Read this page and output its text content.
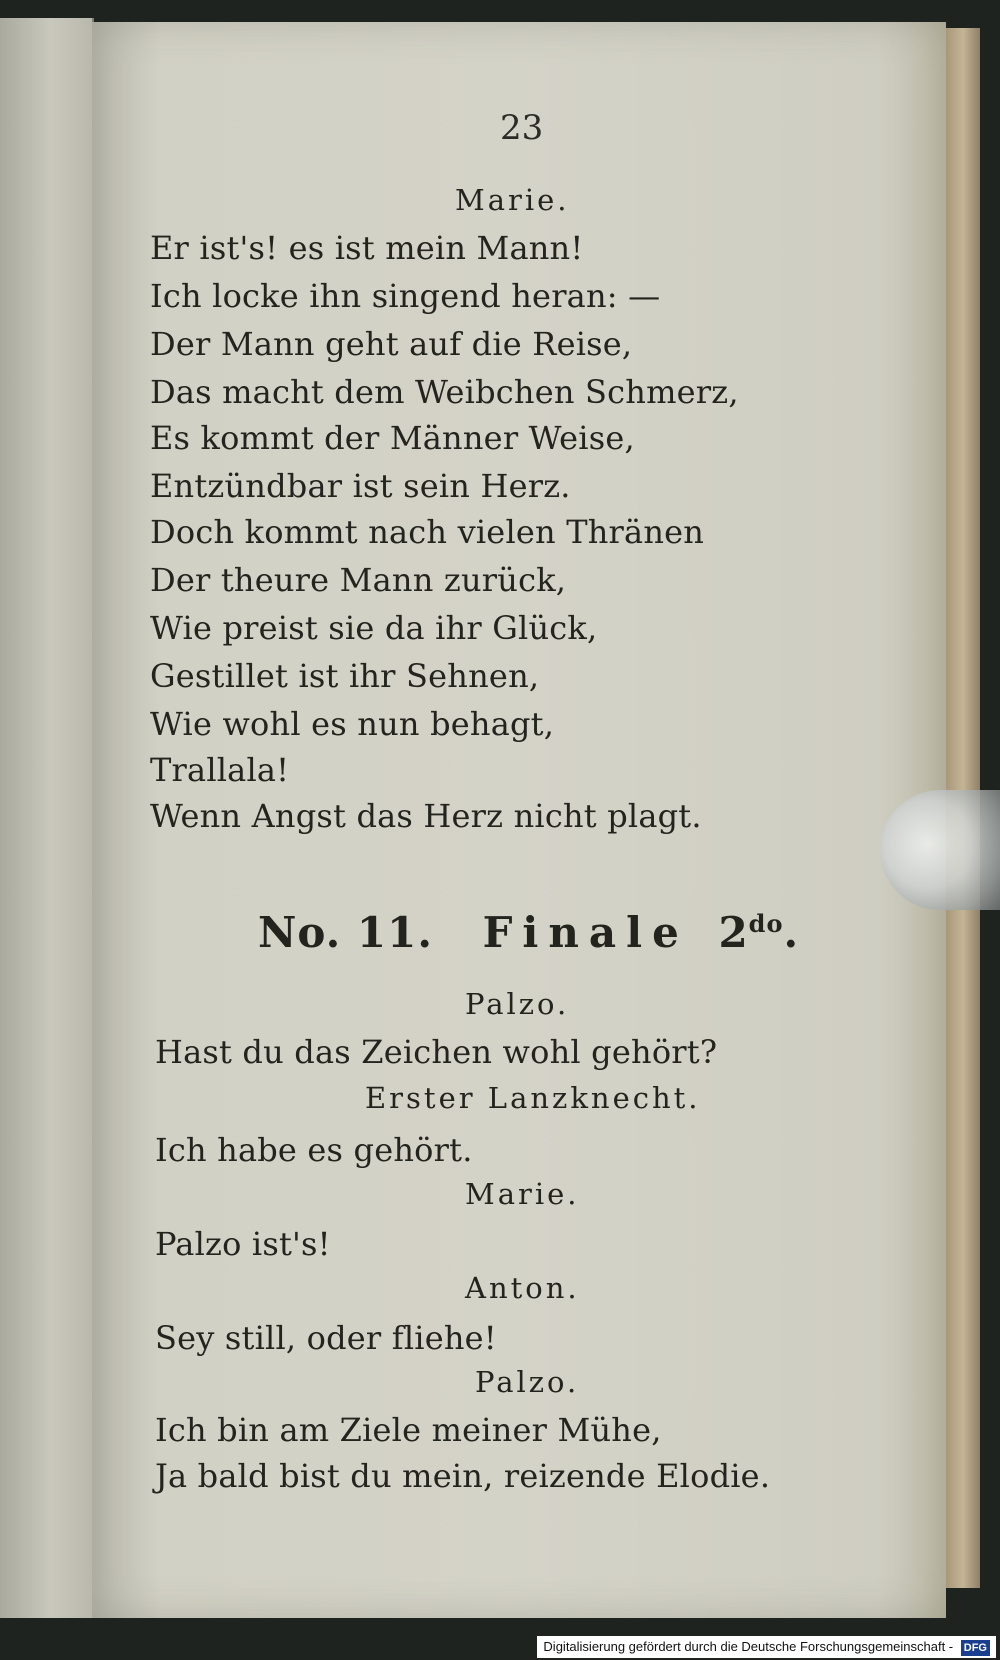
23
Marie.
Er ist's! es ist mein Mann!
Ich locke ihn singend heran: —
Der Mann geht auf die Reise,
Das macht dem Weibchen Schmerz,
Es kommt der Männer Weise,
Entzündbar ist sein Herz.
Doch kommt nach vielen Thränen
Der theure Mann zurück,
Wie preist sie da ihr Glück,
Gestillet ist ihr Sehnen,
Wie wohl es nun behagt,
Trallala!
Wenn Angst das Herz nicht plagt.
No. 11. Finale $2^{do}$.
Palzo.
Hast du das Zeichen wohl gehört?
Erster Lanzknecht.
Ich habe es gehört.
Marie.
Palzo ist's!
Anton.
Sey still, oder fliehe!
Palzo.
Ich bin am Ziele meiner Mühe,
Ja bald bist du mein, reizende Elodie.
Digitalisierung gefördert durch die Deutsche Forschungsgemeinschaft - DFG
